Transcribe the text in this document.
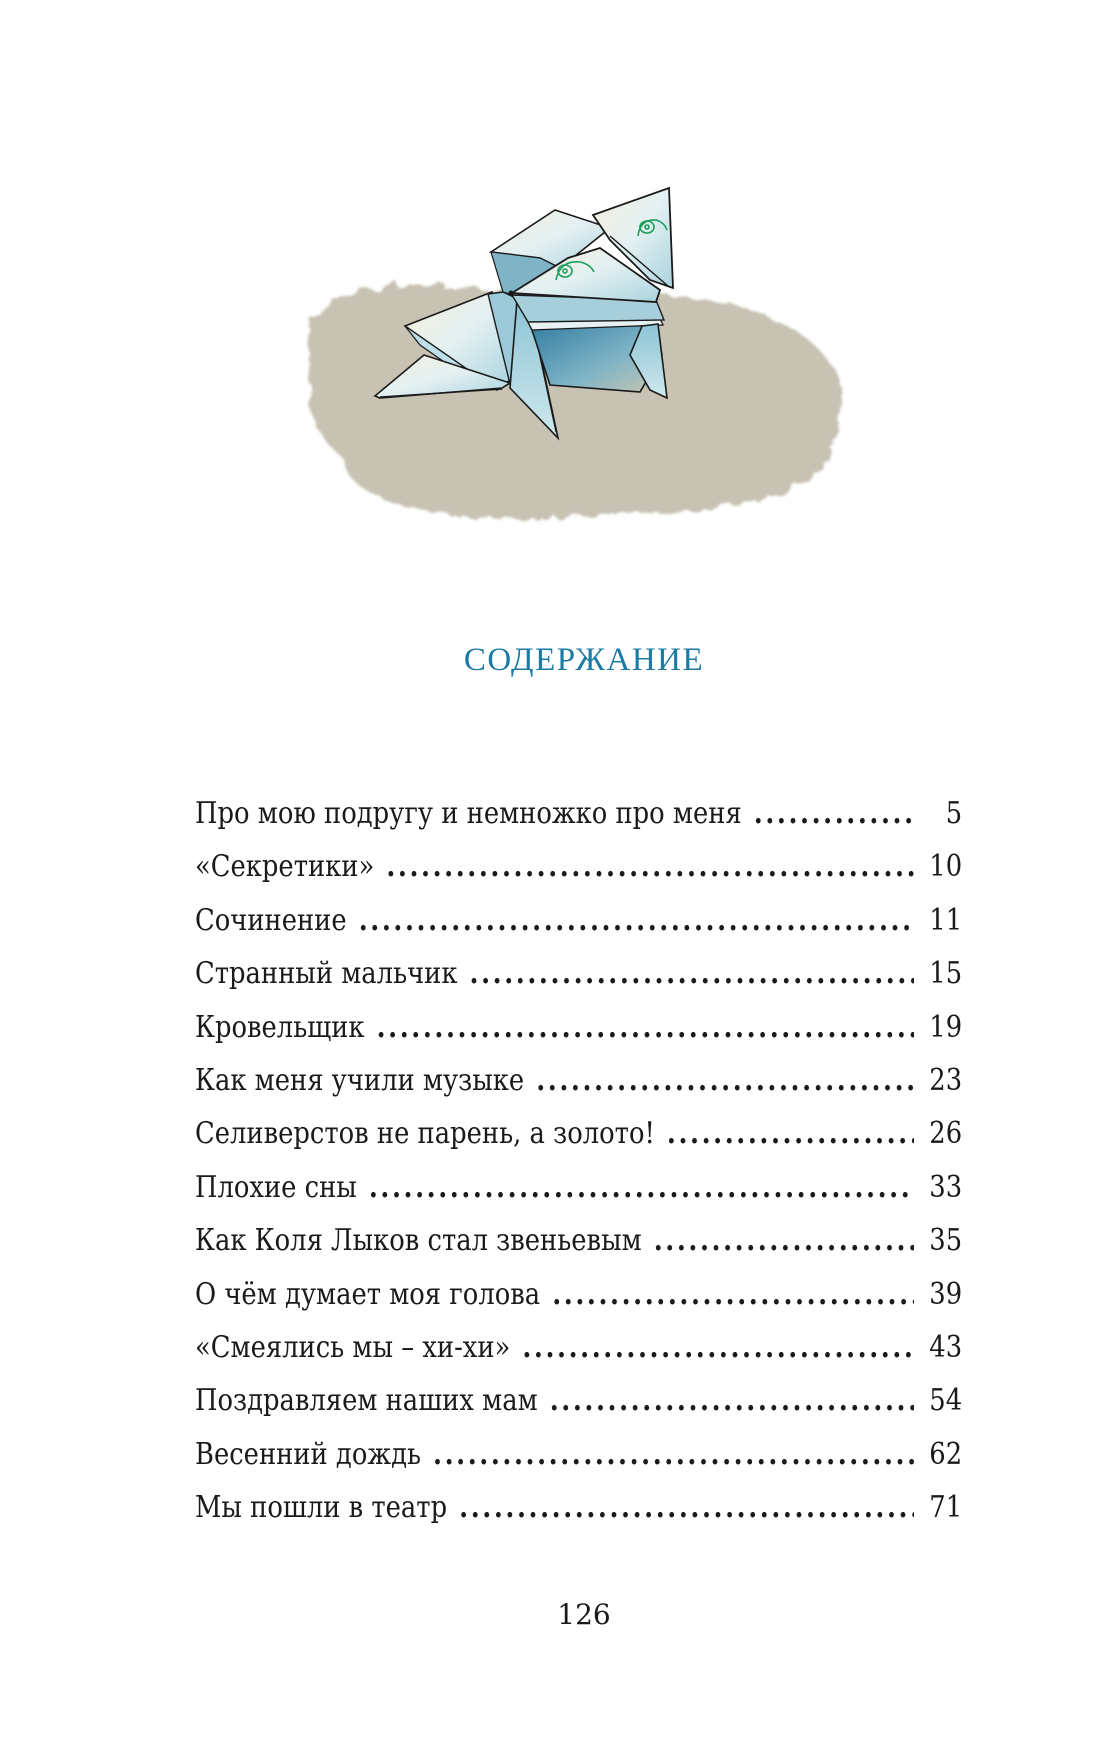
СОДЕРЖАНИЕ
Про мою подругу и немножко про меня .....	5
«Секретики» .....	10
Сочинение .....	11
Странный мальчик .....	15
Кровельщик .....	19
Как меня учили музыке .....	23
Селиверстов не парень, а золото! .....	26
Плохие сны .....	33
Как Коля Лыков стал звеньевым .....	35
О чём думает моя голова .....	39
«Смеялись мы – хи-хи» .....	43
Поздравляем наших мам .....	54
Весенний дождь .....	62
Мы пошли в театр .....	71
126
